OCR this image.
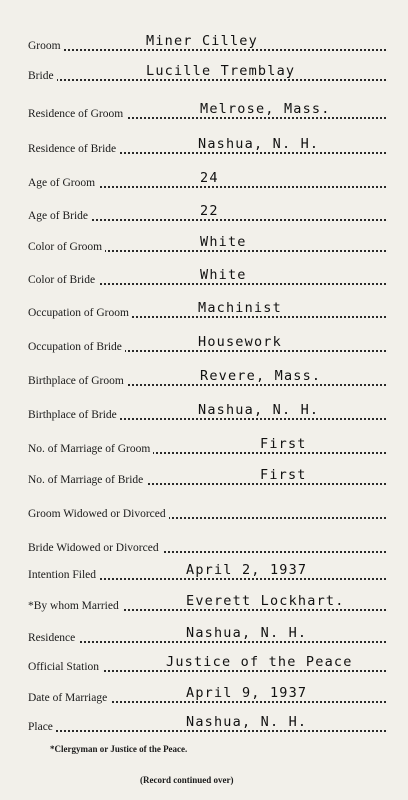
Groom	Miner Cilley
Bride	Lucille Tremblay
Residence of Groom	Melrose, Mass.
Residence of Bride	Nashua, N. H.
Age of Groom	24
Age of Bride	22
Color of Groom	White
Color of Bride	White
Occupation of Groom	Machinist
Occupation of Bride	Housework
Birthplace of Groom	Revere, Mass.
Birthplace of Bride	Nashua, N. H.
No. of Marriage of Groom	First
No. of Marriage of Bride	First
Groom Widowed or Divorced
Bride Widowed or Divorced
Intention Filed	April 2, 1937
*By whom Married	Everett Lockhart.
Residence	Nashua, N. H.
Official Station	Justice of the Peace
Date of Marriage	April 9, 1937
Place	Nashua, N. H.
*Clergyman or Justice of the Peace.
(Record continued over)
